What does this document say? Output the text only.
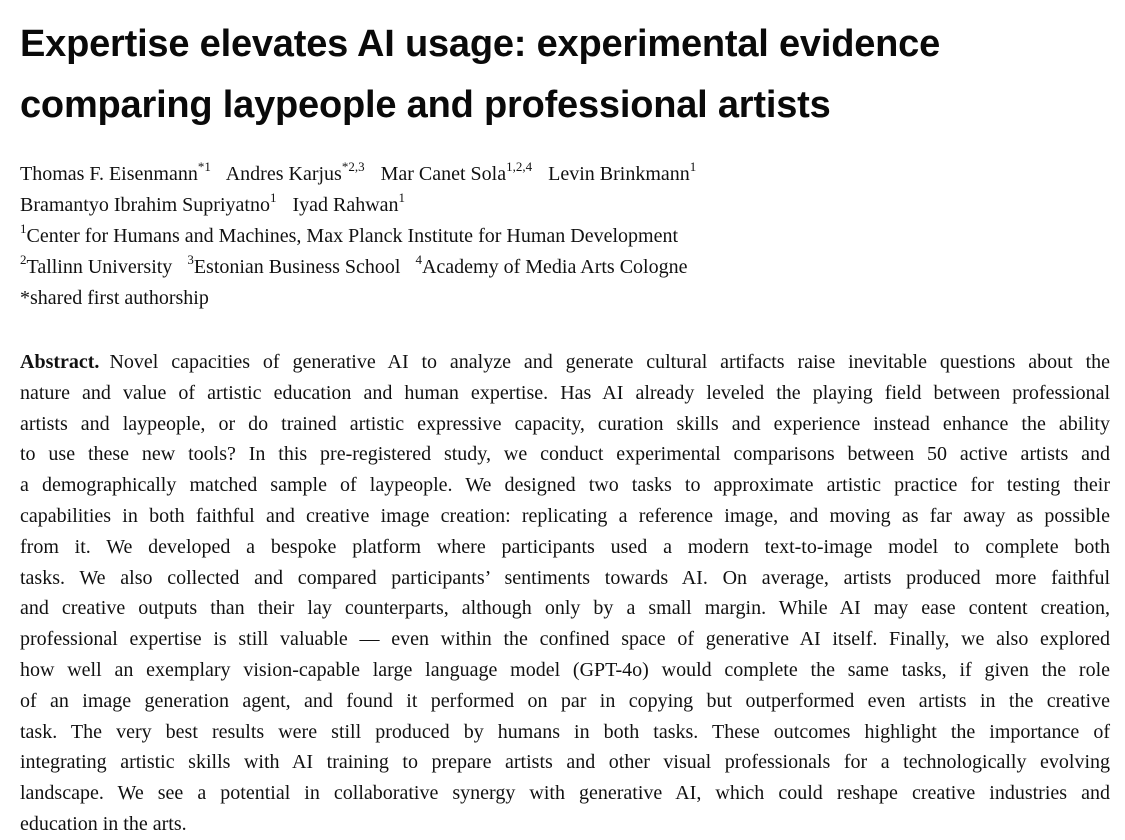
Expertise elevates AI usage: experimental evidence
comparing laypeople and professional artists
Thomas F. Eisenmann$^{*1}$ Andres Karjus$^{*2,3}$ Mar Canet Sola$^{1,2,4}$ Levin Brinkmann$^1$
Bramantyo Ibrahim Supriyatno$^1$ Iyad Rahwan$^1$
$^1$Center for Humans and Machines, Max Planck Institute for Human Development
$^2$Tallinn University $^3$Estonian Business School $^4$Academy of Media Arts Cologne
*shared first authorship
Abstract. Novel capacities of generative AI to analyze and generate cultural artifacts raise inevitable questions about the
nature and value of artistic education and human expertise. Has AI already leveled the playing field between professional
artists and laypeople, or do trained artistic expressive capacity, curation skills and experience instead enhance the ability
to use these new tools? In this pre-registered study, we conduct experimental comparisons between 50 active artists and
a demographically matched sample of laypeople. We designed two tasks to approximate artistic practice for testing their
capabilities in both faithful and creative image creation: replicating a reference image, and moving as far away as possible
from it. We developed a bespoke platform where participants used a modern text-to-image model to complete both
tasks. We also collected and compared participants’ sentiments towards AI. On average, artists produced more faithful
and creative outputs than their lay counterparts, although only by a small margin. While AI may ease content creation,
professional expertise is still valuable — even within the confined space of generative AI itself. Finally, we also explored
how well an exemplary vision-capable large language model (GPT-4o) would complete the same tasks, if given the role
of an image generation agent, and found it performed on par in copying but outperformed even artists in the creative
task. The very best results were still produced by humans in both tasks. These outcomes highlight the importance of
integrating artistic skills with AI training to prepare artists and other visual professionals for a technologically evolving
landscape. We see a potential in collaborative synergy with generative AI, which could reshape creative industries and
education in the arts.
